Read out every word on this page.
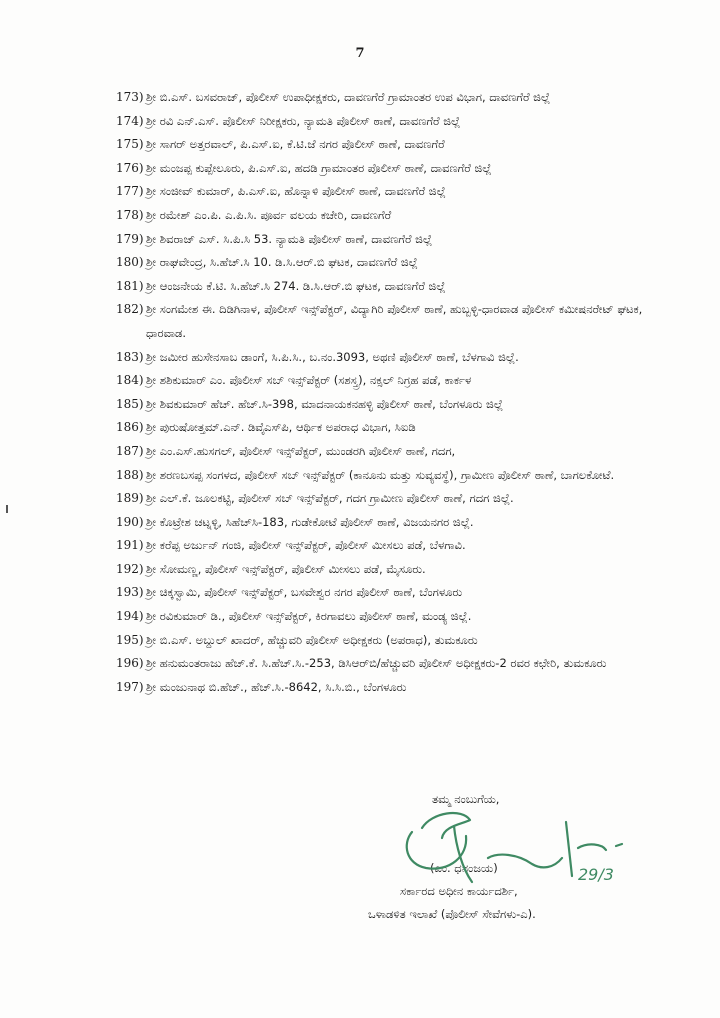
7
173) ಶ್ರೀ ಬಿ.ಎಸ್. ಬಸವರಾಜ್, ಪೊಲೀಸ್ ಉಪಾಧೀಕ್ಷಕರು, ದಾವಣಗೆರೆ ಗ್ರಾಮಾಂತರ ಉಪ ವಿಭಾಗ, ದಾವಣಗೆರೆ ಜಿಲ್ಲೆ
174) ಶ್ರೀ ರವಿ ಎನ್.ಎಸ್. ಪೊಲೀಸ್ ನಿರೀಕ್ಷಕರು, ನ್ಯಾಮತಿ ಪೊಲೀಸ್ ಠಾಣೆ, ದಾವಣಗೆರೆ ಜಿಲ್ಲೆ
175) ಶ್ರೀ ಸಾಗರ್ ಅತ್ತರವಾಲ್, ಪಿ.ಎಸ್.ಐ, ಕೆ.ಟಿ.ಜೆ ನಗರ ಪೊಲೀಸ್ ಠಾಣೆ, ದಾವಣಗೆರೆ
176) ಶ್ರೀ ಮಂಜಪ್ಪ ಕುಪ್ಪೇಲೂರು, ಪಿ.ಎಸ್.ಐ, ಹದಡಿ ಗ್ರಾಮಾಂತರ ಪೊಲೀಸ್ ಠಾಣೆ, ದಾವಣಗೆರೆ ಜಿಲ್ಲೆ
177) ಶ್ರೀ ಸಂಜೀವ್ ಕುಮಾರ್, ಪಿ.ಎಸ್.ಐ, ಹೊನ್ನಾಳಿ ಪೊಲೀಸ್ ಠಾಣೆ, ದಾವಣಗೆರೆ ಜಿಲ್ಲೆ
178) ಶ್ರೀ ರಮೇಶ್ ಎಂ.ಪಿ. ಎ.ಪಿ.ಸಿ. ಪೂರ್ವ ವಲಯ ಕಚೇರಿ, ದಾವಣಗೆರೆ
179) ಶ್ರೀ ಶಿವರಾಜ್ ಎಸ್. ಸಿ.ಪಿ.ಸಿ 53. ನ್ಯಾಮತಿ ಪೊಲೀಸ್ ಠಾಣೆ, ದಾವಣಗೆರೆ ಜಿಲ್ಲೆ
180) ಶ್ರೀ ರಾಘವೇಂದ್ರ, ಸಿ.ಹೆಚ್.ಸಿ 10. ಡಿ.ಸಿ.ಆರ್.ಬಿ ಘಟಕ, ದಾವಣಗೆರೆ ಜಿಲ್ಲೆ
181) ಶ್ರೀ ಆಂಜನೇಯ ಕೆ.ಟಿ. ಸಿ.ಹೆಚ್.ಸಿ 274. ಡಿ.ಸಿ.ಆರ್.ಬಿ ಘಟಕ, ದಾವಣಗೆರೆ ಜಿಲ್ಲೆ
182) ಶ್ರೀ ಸಂಗಮೇಶ ಈ. ದಿಡಿಗಿನಾಳ, ಪೊಲೀಸ್ ಇನ್ಸ್‌ಪೆಕ್ಟರ್, ವಿದ್ಯಾಗಿರಿ ಪೊಲೀಸ್ ಠಾಣೆ, ಹುಬ್ಬಳ್ಳಿ-ಧಾರವಾಡ ಪೊಲೀಸ್ ಕಮೀಷನರೇಟ್ ಘಟಕ, ಧಾರವಾಡ.
183) ಶ್ರೀ ಜಮೀರ ಹುಸೇನಸಾಬ ಡಾಂಗೆ, ಸಿ.ಪಿ.ಸಿ., ಬ.ನಂ.3093, ಅಥಣಿ ಪೊಲೀಸ್ ಠಾಣೆ, ಬೆಳಗಾವಿ ಜಿಲ್ಲೆ.
184) ಶ್ರೀ ಶಶಿಕುಮಾರ್ ಎಂ. ಪೊಲೀಸ್ ಸಬ್ ಇನ್ಸ್‌ಪೆಕ್ಟರ್ (ಸಶಸ್ತ್ರ), ನಕ್ಸಲ್ ನಿಗ್ರಹ ಪಡೆ, ಕಾರ್ಕಳ
185) ಶ್ರೀ ಶಿವಕುಮಾರ್ ಹೆಚ್. ಹೆಚ್.ಸಿ-398, ಮಾದನಾಯಕನಹಳ್ಳಿ ಪೊಲೀಸ್ ಠಾಣೆ, ಬೆಂಗಳೂರು ಜಿಲ್ಲೆ
186) ಶ್ರೀ ಪುರುಷೋತ್ತಮ್.ಎನ್. ಡಿವೈಎಸ್‌ಪಿ, ಆರ್ಥಿಕ ಅಪರಾಧ ವಿಭಾಗ, ಸಿಐಡಿ
187) ಶ್ರೀ ಎಂ.ಎಸ್.ಹುಸಗಲ್, ಪೊಲೀಸ್ ಇನ್ಸ್‌ಪೆಕ್ಟರ್, ಮುಂಡರಗಿ ಪೊಲೀಸ್ ಠಾಣೆ, ಗದಗ,
188) ಶ್ರೀ ಶರಣಬಸಪ್ಪ ಸಂಗಳದ, ಪೊಲೀಸ್ ಸಬ್ ಇನ್ಸ್‌ಪೆಕ್ಟರ್ (ಕಾನೂನು ಮತ್ತು ಸುವ್ಯವಸ್ಥೆ), ಗ್ರಾಮೀಣ ಪೊಲೀಸ್ ಠಾಣೆ, ಬಾಗಲಕೋಟೆ.
189) ಶ್ರೀ ಎಲ್.ಕೆ. ಜೂಲಕಟ್ಟಿ, ಪೊಲೀಸ್ ಸಬ್ ಇನ್ಸ್‌ಪೆಕ್ಟರ್, ಗದಗ ಗ್ರಾಮೀಣ ಪೊಲೀಸ್ ಠಾಣೆ, ಗದಗ ಜಿಲ್ಲೆ.
190) ಶ್ರೀ ಕೊಟ್ರೇಶ ಚಟ್ನಳ್ಳಿ, ಸಿಹೆಚ್‌ಸಿ-183, ಗುಡೇಕೋಟೆ ಪೊಲೀಸ್ ಠಾಣೆ, ವಿಜಯನಗರ ಜಿಲ್ಲೆ.
191) ಶ್ರೀ ಕರೆಪ್ಪ ಅರ್ಜುನ್ ಗಂಜಿ, ಪೊಲೀಸ್ ಇನ್ಸ್‌ಪೆಕ್ಟರ್, ಪೊಲೀಸ್ ಮೀಸಲು ಪಡೆ, ಬೆಳಗಾವಿ.
192) ಶ್ರೀ ಸೋಮಣ್ಣ, ಪೊಲೀಸ್ ಇನ್ಸ್‌ಪೆಕ್ಟರ್, ಪೊಲೀಸ್ ಮೀಸಲು ಪಡೆ, ಮೈಸೂರು.
193) ಶ್ರೀ ಚಿಕ್ಕಸ್ವಾಮಿ, ಪೊಲೀಸ್ ಇನ್ಸ್‌ಪೆಕ್ಟರ್, ಬಸವೇಶ್ವರ ನಗರ ಪೊಲೀಸ್ ಠಾಣೆ, ಬೆಂಗಳೂರು
194) ಶ್ರೀ ರವಿಕುಮಾರ್ ಡಿ., ಪೊಲೀಸ್ ಇನ್ಸ್‌ಪೆಕ್ಟರ್, ಕಿರಗಾವಲು ಪೊಲೀಸ್ ಠಾಣೆ, ಮಂಡ್ಯ ಜಿಲ್ಲೆ.
195) ಶ್ರೀ ಬಿ.ಎಸ್. ಅಬ್ದುಲ್ ಖಾದರ್, ಹೆಚ್ಚುವರಿ ಪೊಲೀಸ್ ಅಧೀಕ್ಷಕರು (ಅಪರಾಧ), ತುಮಕೂರು
196) ಶ್ರೀ ಹನುಮಂತರಾಜು ಹೆಚ್.ಕೆ. ಸಿ.ಹೆಚ್.ಸಿ.-253, ಡಿಸಿಆರ್‌ಬಿ/ಹೆಚ್ಚುವರಿ ಪೊಲೀಸ್ ಅಧೀಕ್ಷಕರು-2 ರವರ ಕಛೇರಿ, ತುಮಕೂರು
197) ಶ್ರೀ ಮಂಜುನಾಥ ಬಿ.ಹೆಚ್., ಹೆಚ್.ಸಿ.-8642, ಸಿ.ಸಿ.ಬಿ., ಬೆಂಗಳೂರು
ತಮ್ಮ ನಂಬುಗೆಯ,
(ಎಂ. ಧನಂಜಯ)
ಸರ್ಕಾರದ ಅಧೀನ ಕಾರ್ಯದರ್ಶಿ,
ಒಳಾಡಳಿತ ಇಲಾಖೆ (ಪೊಲೀಸ್ ಸೇವೆಗಳು-ಎ).
29/3
